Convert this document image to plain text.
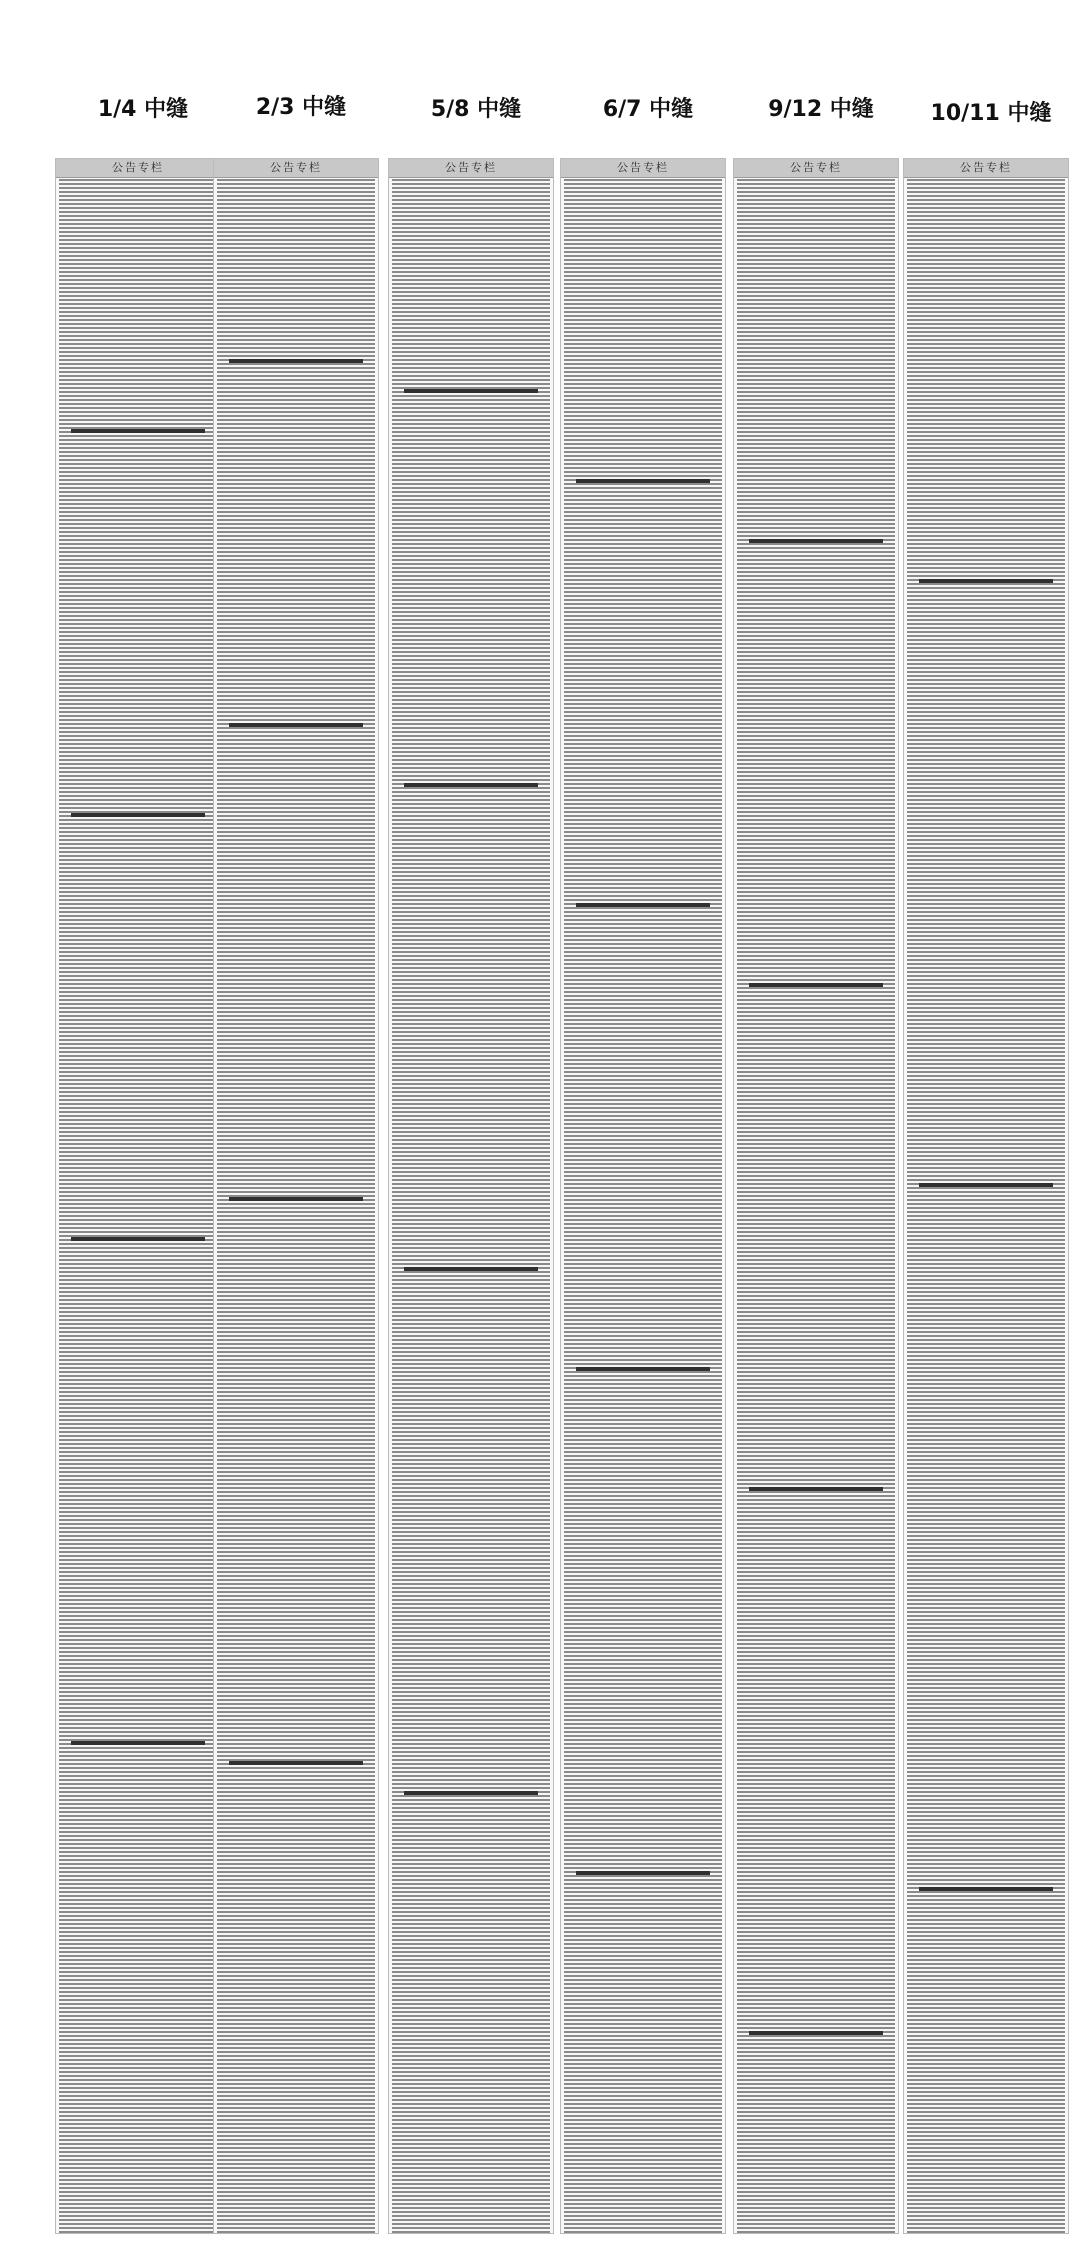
1/4 中缝
公告专栏
2/3 中缝
公告专栏
5/8 中缝
公告专栏
6/7 中缝
公告专栏
9/12 中缝
公告专栏
10/11 中缝
公告专栏
